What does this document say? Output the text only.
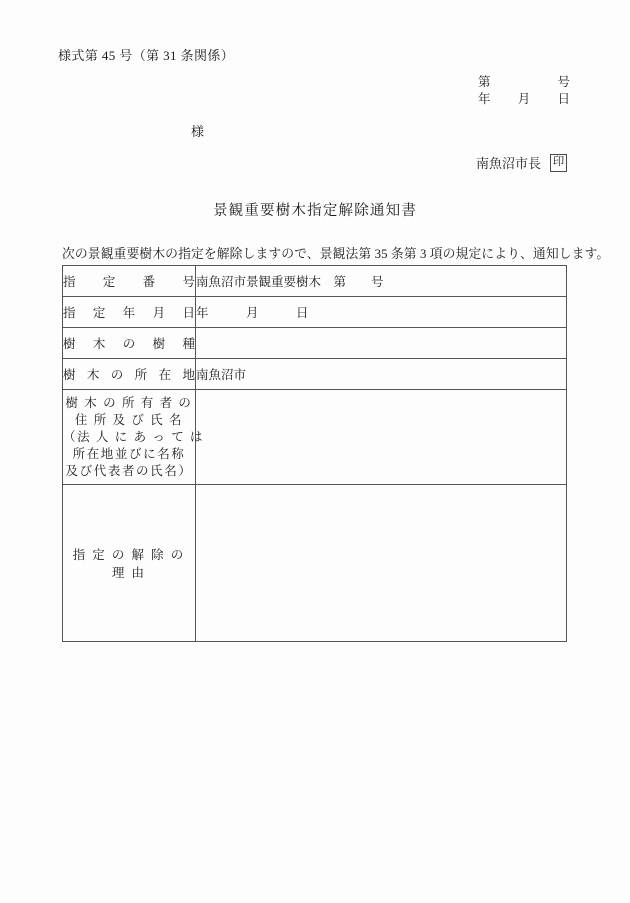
様式第 45 号（第 31 条関係）
第	号
年 月 日
様
南魚沼市長 印
景観重要樹木指定解除通知書
次の景観重要樹木の指定を解除しますので、景観法第 35 条第 3 項の規定により、通知します。
指 定 番 号	南魚沼市景観重要樹木　第　　号

指 定 年 月 日	年　　　月　　　日

樹 木 の 樹 種	

樹 木 の 所 在 地	南魚沼市

樹 木 の 所 有 者 の
住 所 及 び 氏 名
（法 人 に あ っ て は
所在地並びに名称
及び代表者の氏名）	

指 定 の 解 除 の 理 由	
